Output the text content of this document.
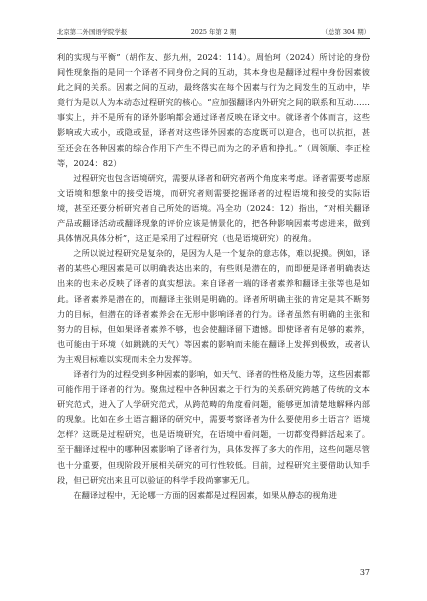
北京第二外国语学院学报	2025 年第 2 期	（总第 304 期）

利的实现与平衡”（胡作友、彭九州，2024：114）。周怡珂（2024）所讨论的身份间性现象指的是同一个译者不同身份之间的互动，其本身也是翻译过程中身份因素彼此之间的关系。因素之间的互动，最终落实在每个因素与行为之间发生的互动中，毕竟行为是以人为本动态过程研究的核心。“应加强翻译内外研究之间的联系和互动……事实上，并不是所有的译外影响都会通过译者反映在译文中。就译者个体而言，这些影响或大或小，或隐或显，译者对这些译外因素的态度既可以迎合，也可以抗拒，甚至还会在各种因素的综合作用下产生不得已而为之的矛盾和挣扎。”（周领顺、李正栓等，2024：82）

过程研究也包含语境研究，需要从译者和研究者两个角度来考虑。译者需要考虑原文语境和想象中的接受语境，而研究者则需要挖掘译者的过程语境和接受的实际语境，甚至还要分析研究者自己所处的语境。冯全功（2024：12）指出，“对相关翻译产品或翻译活动或翻译现象的评价应该是情景化的，把各种影响因素考虑进来，做到具体情况具体分析”，这正是采用了过程研究（也是语境研究）的视角。

之所以说过程研究是复杂的，是因为人是一个复杂的意志体，难以捉摸。例如，译者的某些心理因素是可以明确表达出来的，有些则是潜在的，而即便是译者明确表达出来的也未必反映了译者的真实想法。来自译者一端的译者素养和翻译主张等也是如此。译者素养是潜在的，而翻译主张则是明确的。译者所明确主张的肯定是其不断努力的目标，但潜在的译者素养会在无形中影响译者的行为。译者虽然有明确的主张和努力的目标，但如果译者素养不够，也会使翻译留下遗憾。即使译者有足够的素养，也可能由于环境（如跳跳的天气）等因素的影响而未能在翻译上发挥到极致，或者认为主观目标难以实现而未全力发挥等。

译者行为的过程受到多种因素的影响，如天气、译者的性格及能力等，这些因素都可能作用于译者的行为。聚焦过程中各种因素之于行为的关系研究跨越了传统的文本研究范式，进入了人学研究范式，从跨范畴的角度看问题，能够更加清楚地解释内部的现象。比如在乡土语言翻译的研究中，需要考察译者为什么要使用乡土语言？语境怎样？这既是过程研究，也是语境研究，在语境中看问题，一切都变得鲜活起来了。至于翻译过程中的哪种因素影响了译者行为，具体发挥了多大的作用，这些问题尽管也十分重要，但现阶段开展相关研究的可行性较低。目前，过程研究主要借助认知手段，但已研究出来且可以验证的科学手段尚寥寥无几。

在翻译过程中，无论哪一方面的因素都是过程因素，如果从静态的视角进

37
